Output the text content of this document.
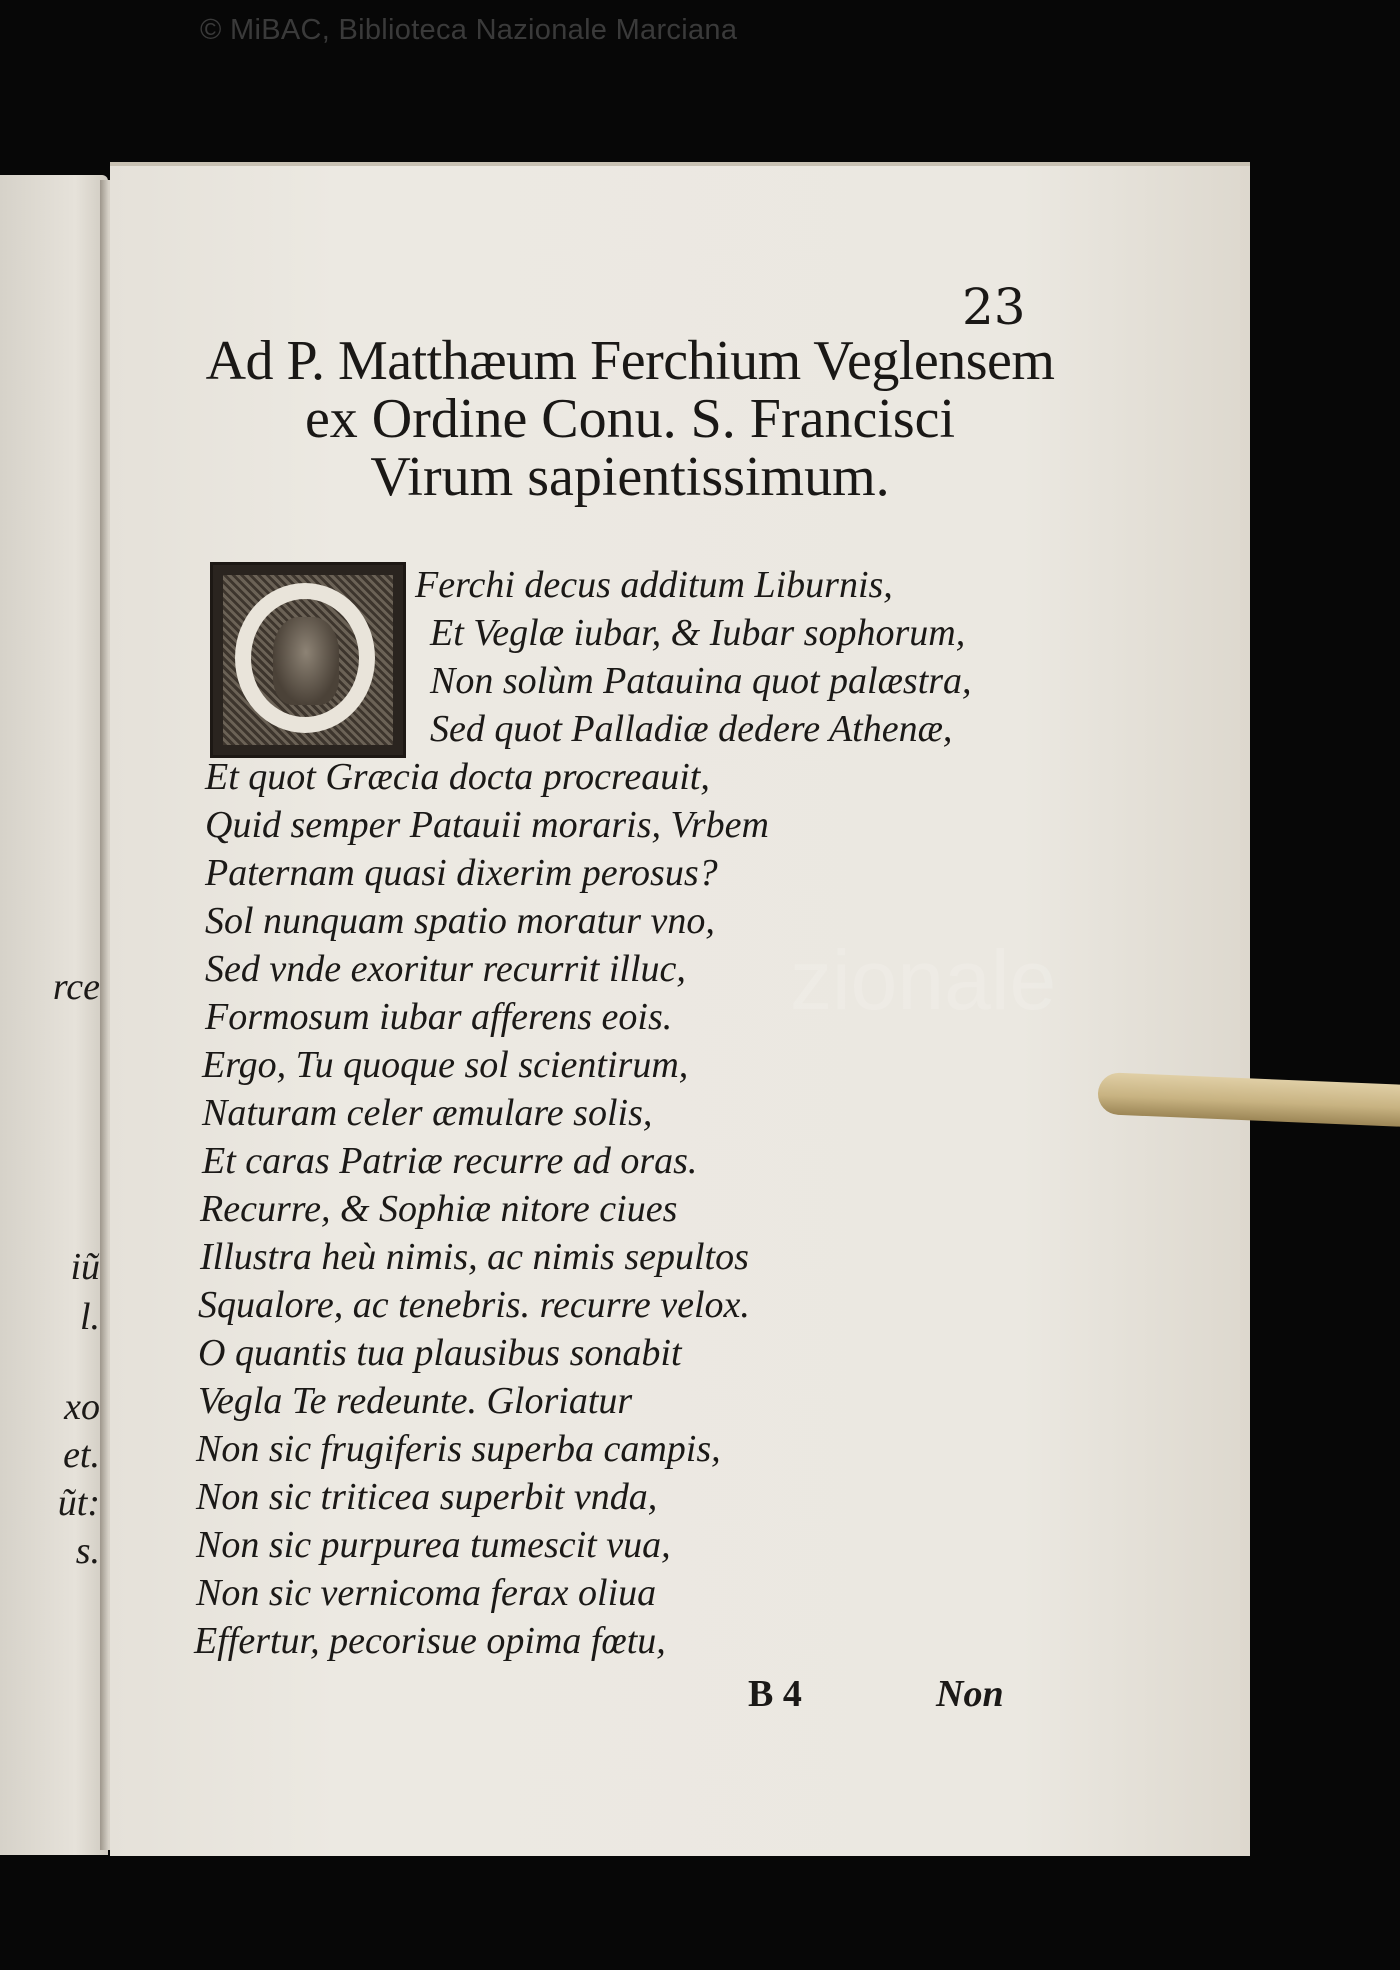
© MiBAC, Biblioteca Nazionale Marciana
rce
iũ
l.
xo
et.
ũt:
s.
23
Ad P. Matthæum Ferchium Veglensem
ex Ordine Conu. S. Francisci
Virum sapientissimum.
Ferchi decus additum Liburnis,
Et Veglæ iubar, & Iubar sophorum,
Non solùm Patauina quot palæstra,
Sed quot Palladiæ dedere Athenæ,
Et quot Græcia docta procreauit,
Quid semper Patauii moraris, Vrbem
Paternam quasi dixerim perosus?
Sol nunquam spatio moratur vno,
Sed vnde exoritur recurrit illuc,
Formosum iubar afferens eois.
Ergo, Tu quoque sol scientirum,
Naturam celer æmulare solis,
Et caras Patriæ recurre ad oras.
Recurre, & Sophiæ nitore ciues
Illustra heù nimis, ac nimis sepultos
Squalore, ac tenebris. recurre velox.
O quantis tua plausibus sonabit
Vegla Te redeunte. Gloriatur
Non sic frugiferis superba campis,
Non sic triticea superbit vnda,
Non sic purpurea tumescit vua,
Non sic vernicoma ferax oliua
Effertur, pecorisue opima fœtu,
B 4	Non
zionale
